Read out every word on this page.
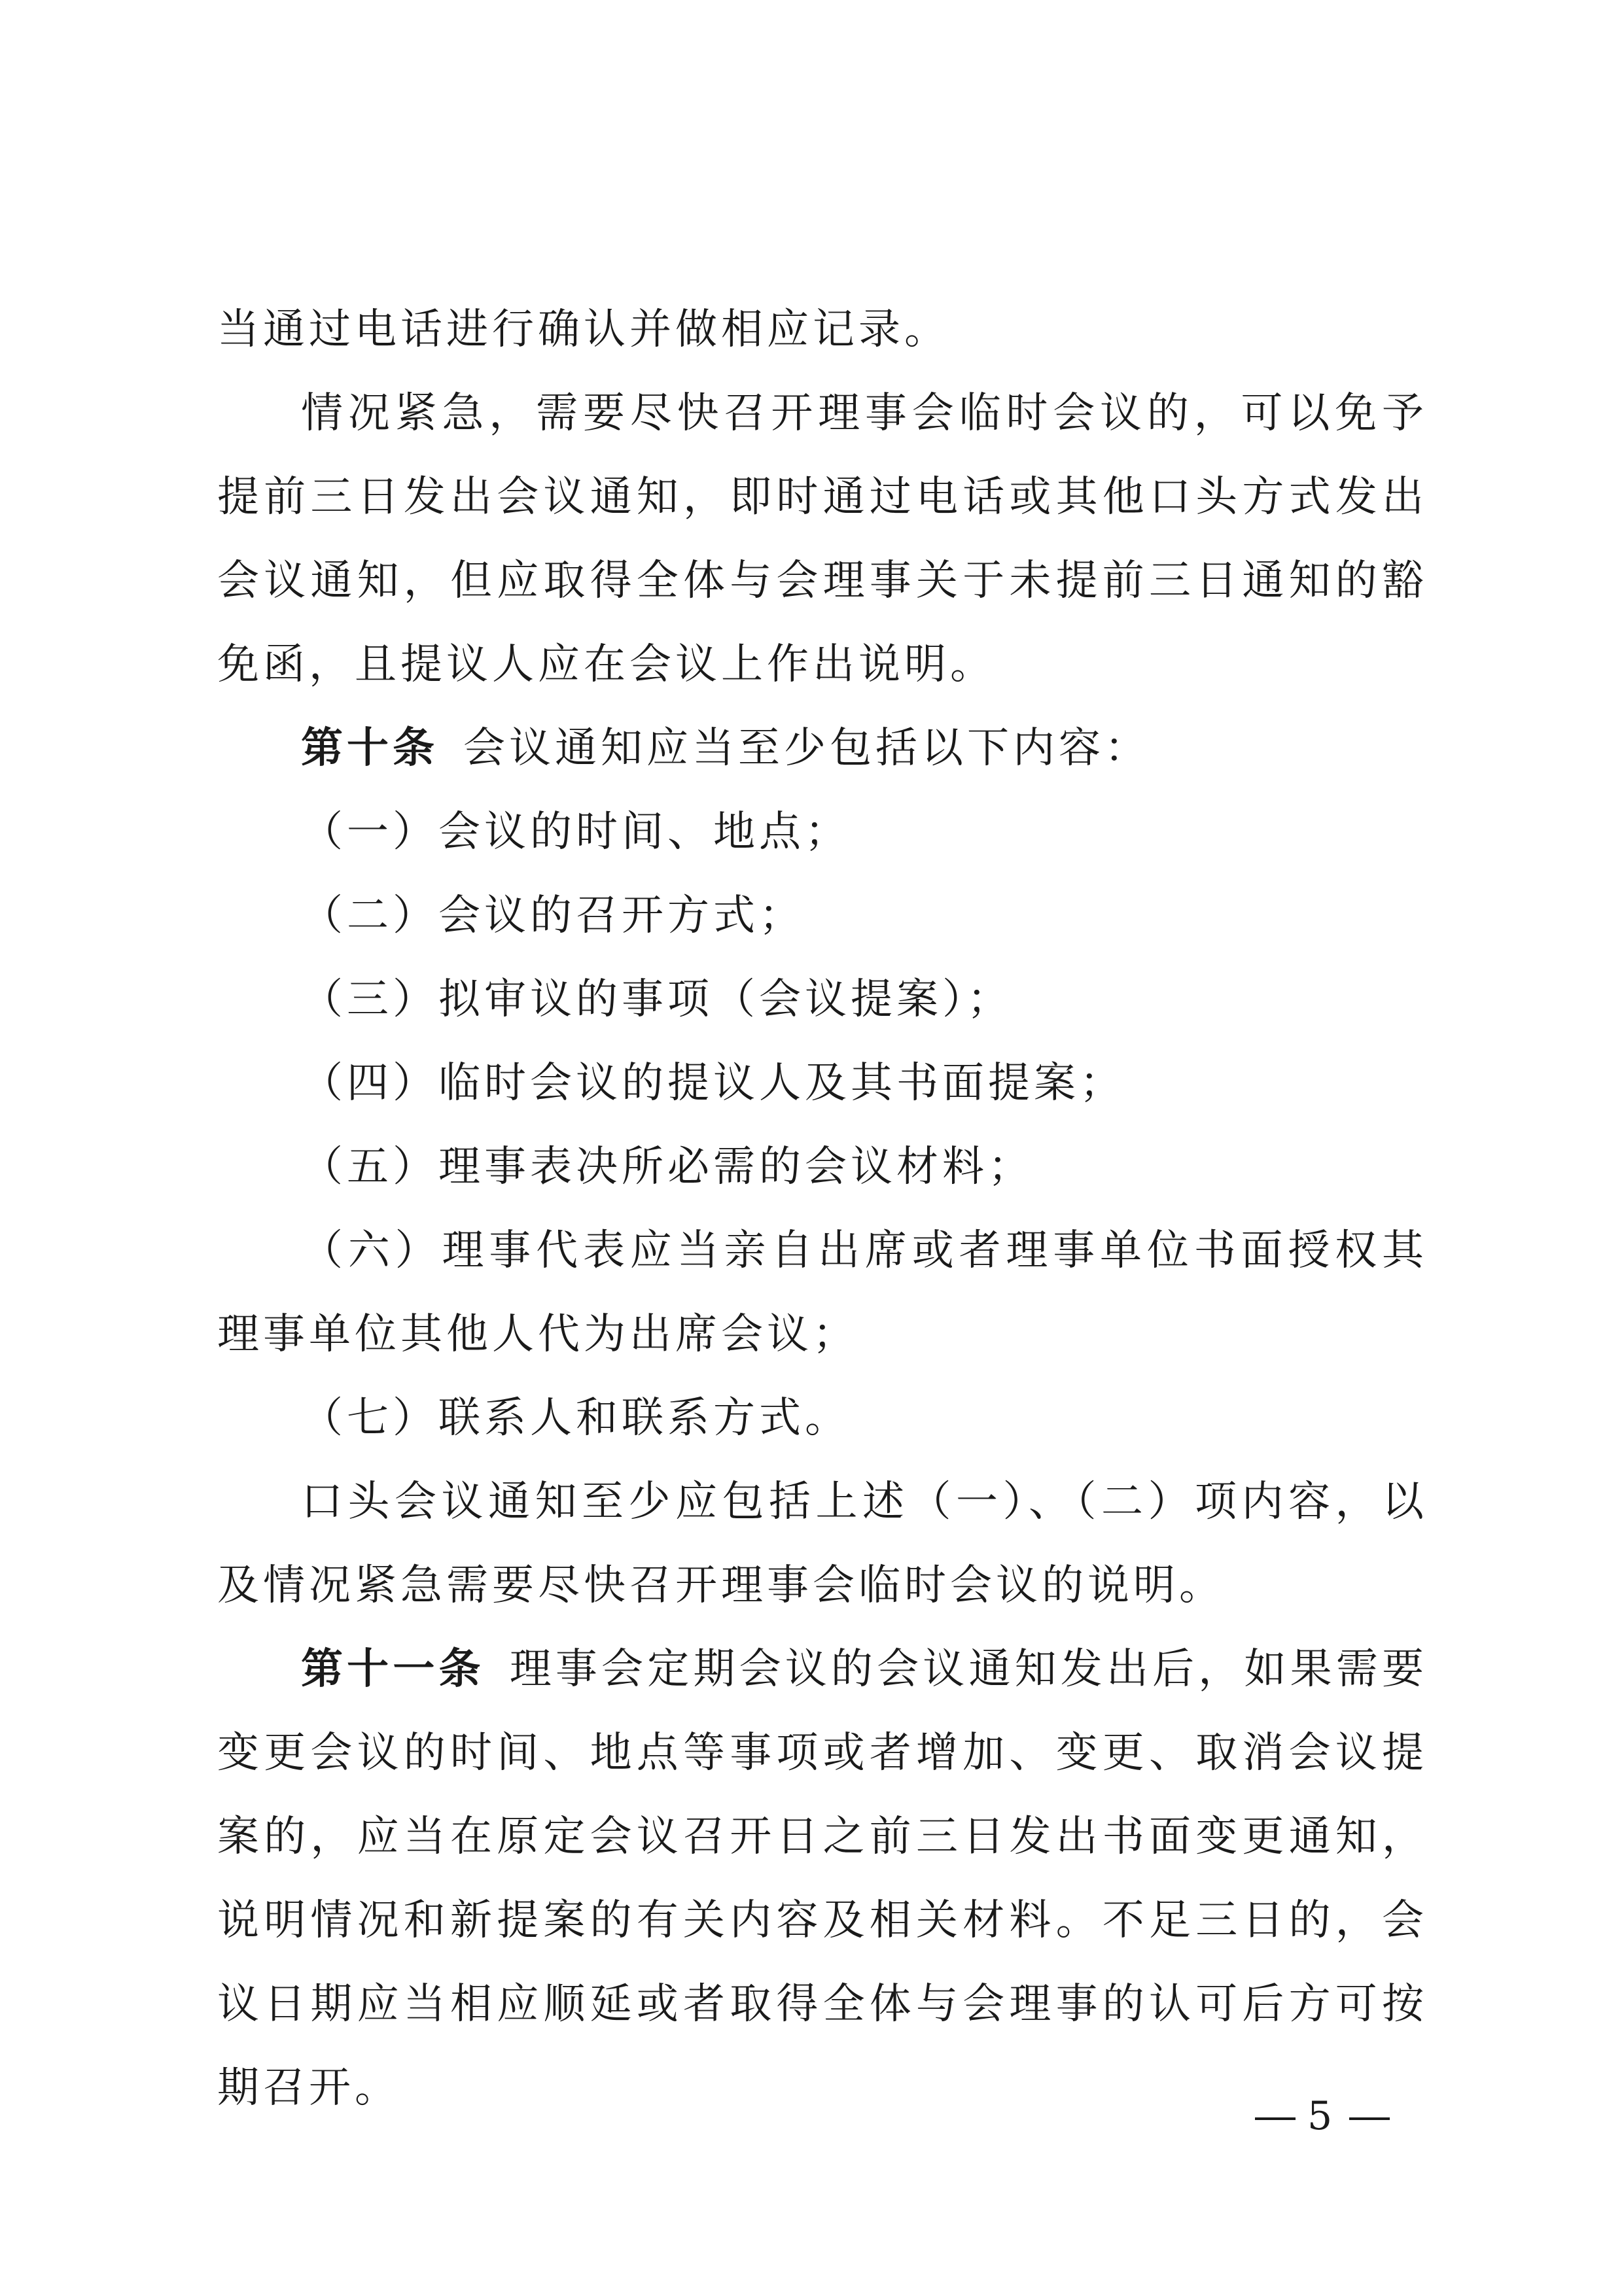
当通过电话进行确认并做相应记录。

情况紧急，需要尽快召开理事会临时会议的，可以免予提前三日发出会议通知，即时通过电话或其他口头方式发出会议通知，但应取得全体与会理事关于未提前三日通知的豁免函，且提议人应在会议上作出说明。

第十条 会议通知应当至少包括以下内容：

（一）会议的时间、地点；

（二）会议的召开方式；

（三）拟审议的事项（会议提案）；

（四）临时会议的提议人及其书面提案；

（五）理事表决所必需的会议材料；

（六）理事代表应当亲自出席或者理事单位书面授权其理事单位其他人代为出席会议；

（七）联系人和联系方式。

口头会议通知至少应包括上述（一）、（二）项内容，以及情况紧急需要尽快召开理事会临时会议的说明。

第十一条 理事会定期会议的会议通知发出后，如果需要变更会议的时间、地点等事项或者增加、变更、取消会议提案的，应当在原定会议召开日之前三日发出书面变更通知，说明情况和新提案的有关内容及相关材料。不足三日的，会议日期应当相应顺延或者取得全体与会理事的认可后方可按期召开。

5
